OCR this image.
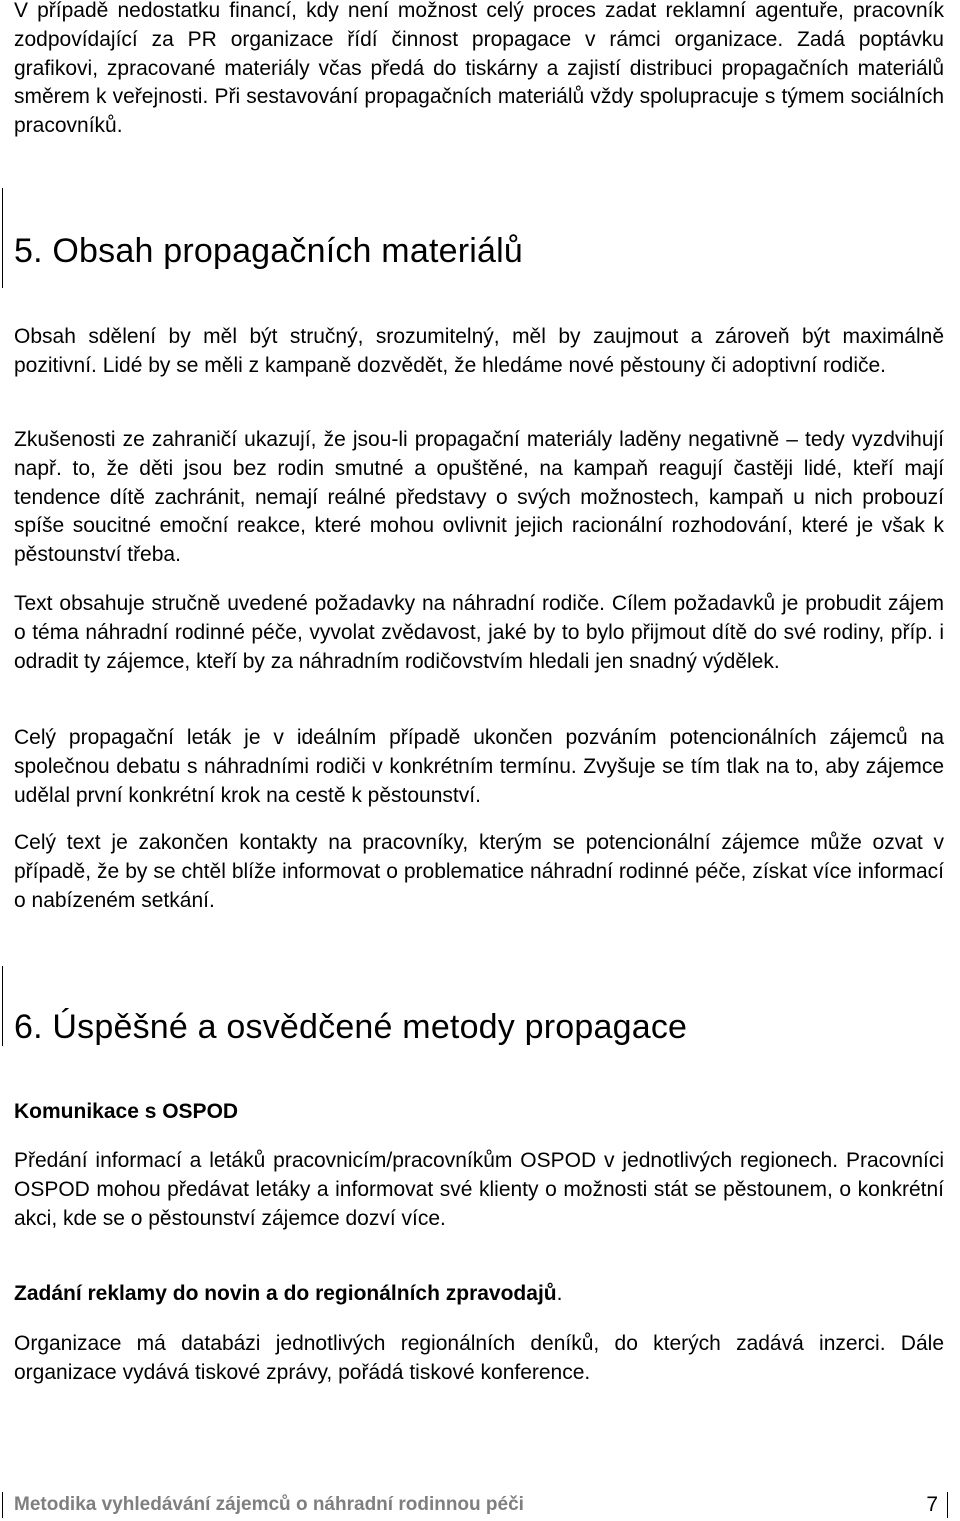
V případě nedostatku financí, kdy není možnost celý proces zadat reklamní agentuře, pracovník zodpovídající za PR organizace řídí činnost propagace v rámci organizace. Zadá poptávku grafikovi, zpracované materiály včas předá do tiskárny a zajistí distribuci propagačních materiálů směrem k veřejnosti. Při sestavování propagačních materiálů vždy spolupracuje s týmem sociálních pracovníků.

5. Obsah propagačních materiálů

Obsah sdělení by měl být stručný, srozumitelný, měl by zaujmout a zároveň být maximálně pozitivní. Lidé by se měli z kampaně dozvědět, že hledáme nové pěstouny či adoptivní rodiče.

Zkušenosti ze zahraničí ukazují, že jsou-li propagační materiály laděny negativně – tedy vyzdvihují např. to, že děti jsou bez rodin smutné a opuštěné, na kampaň reagují častěji lidé, kteří mají tendence dítě zachránit, nemají reálné představy o svých možnostech, kampaň u nich probouzí spíše soucitné emoční reakce, které mohou ovlivnit jejich racionální rozhodování, které je však k pěstounství třeba.

Text obsahuje stručně uvedené požadavky na náhradní rodiče. Cílem požadavků je probudit zájem o téma náhradní rodinné péče, vyvolat zvědavost, jaké by to bylo přijmout dítě do své rodiny, příp. i odradit ty zájemce, kteří by za náhradním rodičovstvím hledali jen snadný výdělek.

Celý propagační leták je v ideálním případě ukončen pozváním potencionálních zájemců na společnou debatu s náhradními rodiči v konkrétním termínu. Zvyšuje se tím tlak na to, aby zájemce udělal první konkrétní krok na cestě k pěstounství.

Celý text je zakončen kontakty na pracovníky, kterým se potencionální zájemce může ozvat v případě, že by se chtěl blíže informovat o problematice náhradní rodinné péče, získat více informací o nabízeném setkání.

6. Úspěšné a osvědčené metody propagace

Komunikace s OSPOD

Předání informací a letáků pracovnicím/pracovníkům OSPOD v jednotlivých regionech. Pracovníci OSPOD mohou předávat letáky a informovat své klienty o možnosti stát se pěstounem, o konkrétní akci, kde se o pěstounství zájemce dozví více.

Zadání reklamy do novin a do regionálních zpravodajů.

Organizace má databázi jednotlivých regionálních deníků, do kterých zadává inzerci. Dále organizace vydává tiskové zprávy, pořádá tiskové konference.

Metodika vyhledávání zájemců o náhradní rodinnou péči	7
